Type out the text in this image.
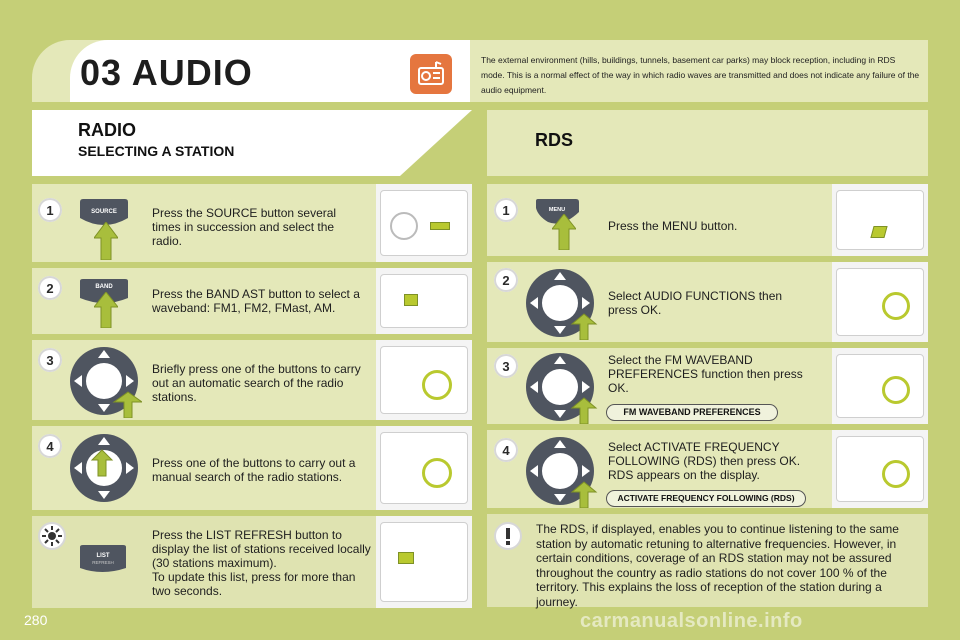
03 AUDIO	The external environment (hills, buildings, tunnels, basement car parks) may block reception, including in RDS mode. This is a normal effect of the way in which radio waves are transmitted and does not indicate any failure of the audio equipment.
RADIO
SELECTING A STATION
RDS
1	SOURCE	Press the SOURCE button several times in succession and select the radio.
2	BAND	Press the BAND AST button to select a waveband: FM1, FM2, FMast, AM.
3
Briefly press one of the buttons to carry out an automatic search of the radio stations.
4
Press one of the buttons to carry out a manual search of the radio stations.
LIST
REFRESH
Press the LIST REFRESH button to display the list of stations received locally (30 stations maximum).
To update this list, press for more than two seconds.
1	MENU
Press the MENU button.
2
Select AUDIO FUNCTIONS then press OK.
3	Select the FM WAVEBAND PREFERENCES function then press OK.
FM WAVEBAND PREFERENCES
4	Select ACTIVATE FREQUENCY FOLLOWING (RDS) then press OK. RDS appears on the display.
ACTIVATE FREQUENCY FOLLOWING (RDS)
The RDS, if displayed, enables you to continue listening to the same station by automatic retuning to alternative frequencies. However, in certain conditions, coverage of an RDS station may not be assured throughout the country as radio stations do not cover 100 % of the territory. This explains the loss of reception of the station during a journey.
280	carmanualsonline.info
